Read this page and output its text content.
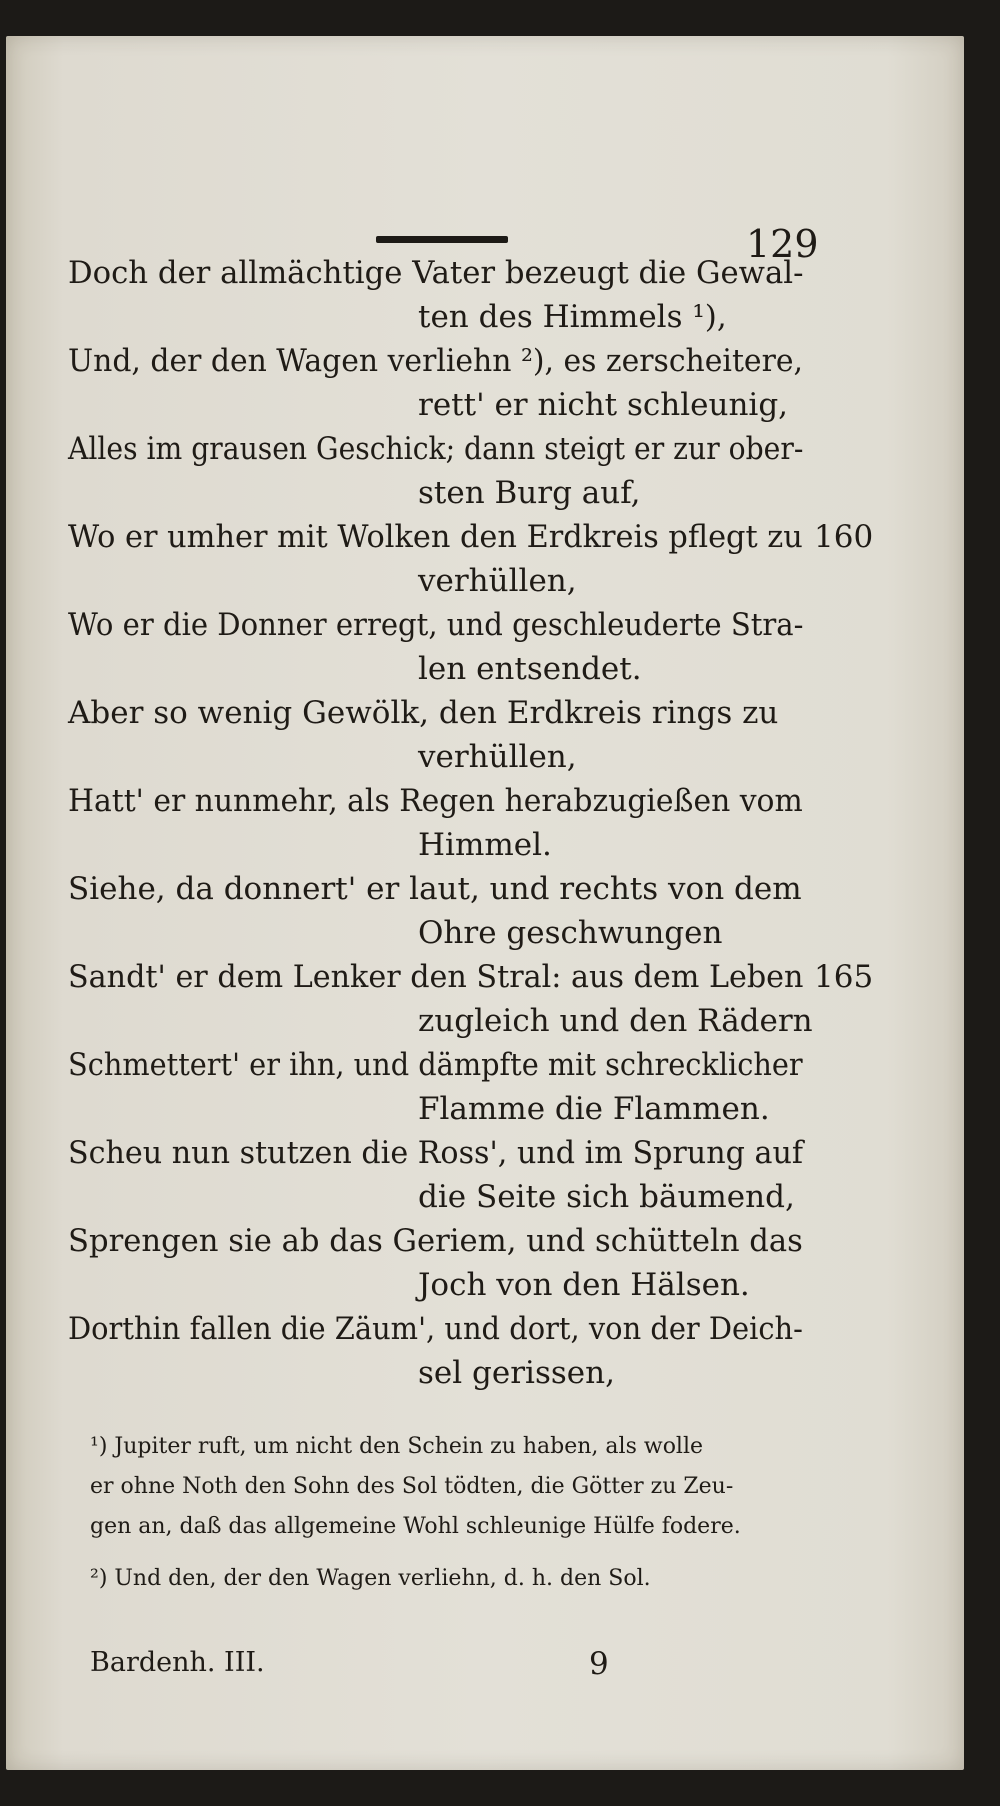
129
Doch der allmächtige Vater bezeugt die Gewal-
ten des Himmels ¹),
Und, der den Wagen verliehn ²), es zerscheitere,
rett' er nicht schleunig,
Alles im grausen Geschick; dann steigt er zur ober-
sten Burg auf,
Wo er umher mit Wolken den Erdkreis pflegt zu 160
verhüllen,
Wo er die Donner erregt, und geschleuderte Stra-
len entsendet.
Aber so wenig Gewölk, den Erdkreis rings zu
verhüllen,
Hatt' er nunmehr, als Regen herabzugießen vom
Himmel.
Siehe, da donnert' er laut, und rechts von dem
Ohre geschwungen
Sandt' er dem Lenker den Stral: aus dem Leben 165
zugleich und den Rädern
Schmettert' er ihn, und dämpfte mit schrecklicher
Flamme die Flammen.
Scheu nun stutzen die Ross', und im Sprung auf
die Seite sich bäumend,
Sprengen sie ab das Geriem, und schütteln das
Joch von den Hälsen.
Dorthin fallen die Zäum', und dort, von der Deich-
sel gerissen,
¹) Jupiter ruft, um nicht den Schein zu haben, als wolle
er ohne Noth den Sohn des Sol tödten, die Götter zu Zeu-
gen an, daß das allgemeine Wohl schleunige Hülfe fodere.
²) Und den, der den Wagen verliehn, d. h. den Sol.
Bardenh. III.	9
